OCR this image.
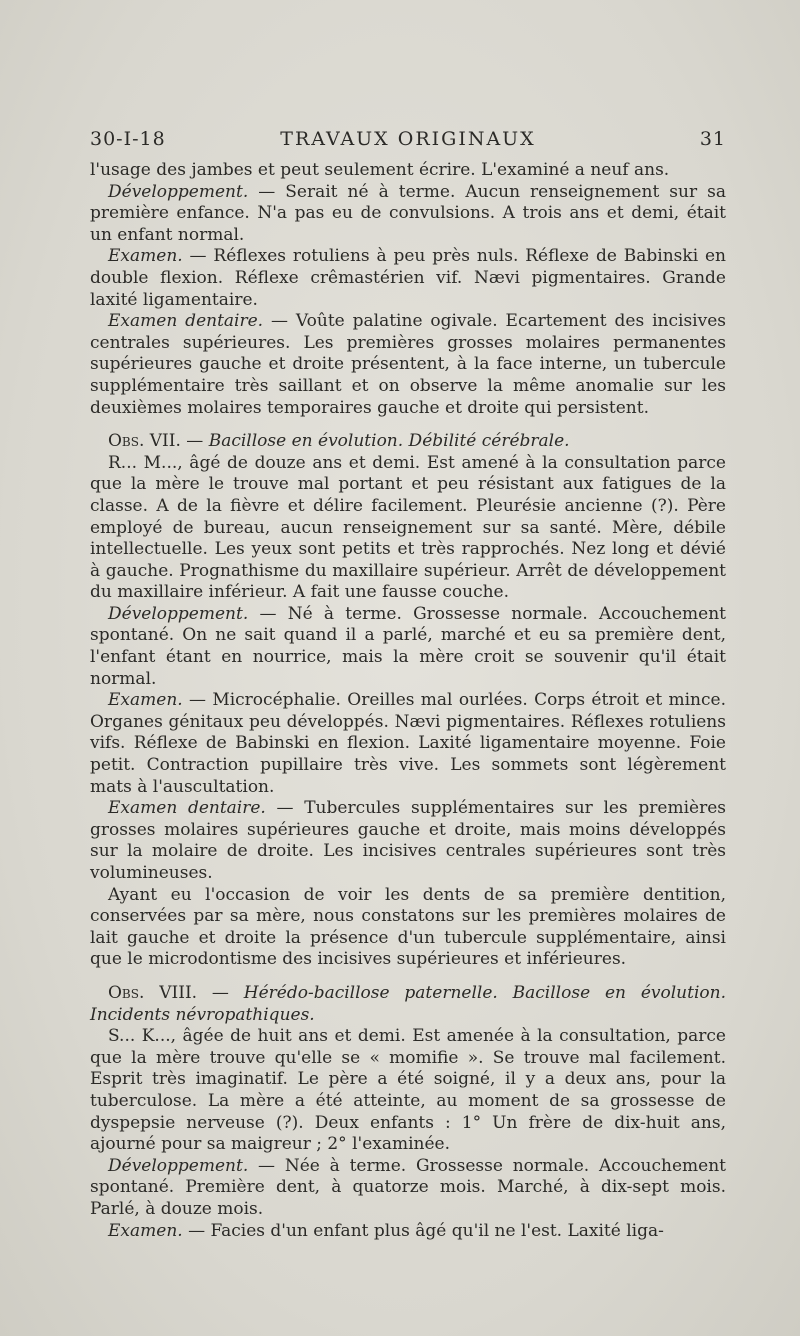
30-I-18	TRAVAUX ORIGINAUX	31

l'usage des jambes et peut seulement écrire. L'examiné a neuf ans.

Développement. — Serait né à terme. Aucun renseignement sur sa première enfance. N'a pas eu de convulsions. A trois ans et demi, était un enfant normal.

Examen. — Réflexes rotuliens à peu près nuls. Réflexe de Babinski en double flexion. Réflexe crêmastérien vif. Nævi pigmentaires. Grande laxité ligamentaire.

Examen dentaire. — Voûte palatine ogivale. Ecartement des incisives centrales supérieures. Les premières grosses molaires permanentes supérieures gauche et droite présentent, à la face interne, un tubercule supplémentaire très saillant et on observe la même anomalie sur les deuxièmes molaires temporaires gauche et droite qui persistent.

Obs. VII. — Bacillose en évolution. Débilité cérébrale.

R... M..., âgé de douze ans et demi. Est amené à la consultation parce que la mère le trouve mal portant et peu résistant aux fatigues de la classe. A de la fièvre et délire facilement. Pleurésie ancienne (?). Père employé de bureau, aucun renseignement sur sa santé. Mère, débile intellectuelle. Les yeux sont petits et très rapprochés. Nez long et dévié à gauche. Prognathisme du maxillaire supérieur. Arrêt de développement du maxillaire inférieur. A fait une fausse couche.

Développement. — Né à terme. Grossesse normale. Accouchement spontané. On ne sait quand il a parlé, marché et eu sa première dent, l'enfant étant en nourrice, mais la mère croit se souvenir qu'il était normal.

Examen. — Microcéphalie. Oreilles mal ourlées. Corps étroit et mince. Organes génitaux peu développés. Nævi pigmentaires. Réflexes rotuliens vifs. Réflexe de Babinski en flexion. Laxité ligamentaire moyenne. Foie petit. Contraction pupillaire très vive. Les sommets sont légèrement mats à l'auscultation.

Examen dentaire. — Tubercules supplémentaires sur les premières grosses molaires supérieures gauche et droite, mais moins développés sur la molaire de droite. Les incisives centrales supérieures sont très volumineuses.

Ayant eu l'occasion de voir les dents de sa première dentition, conservées par sa mère, nous constatons sur les premières molaires de lait gauche et droite la présence d'un tubercule supplémentaire, ainsi que le microdontisme des incisives supérieures et inférieures.

Obs. VIII. — Hérédo-bacillose paternelle. Bacillose en évolution. Incidents névropathiques.

S... K..., âgée de huit ans et demi. Est amenée à la consultation, parce que la mère trouve qu'elle se « momifie ». Se trouve mal facilement. Esprit très imaginatif. Le père a été soigné, il y a deux ans, pour la tuberculose. La mère a été atteinte, au moment de sa grossesse de dyspepsie nerveuse (?). Deux enfants : 1° Un frère de dix-huit ans, ajourné pour sa maigreur ; 2° l'examinée.

Développement. — Née à terme. Grossesse normale. Accouchement spontané. Première dent, à quatorze mois. Marché, à dix-sept mois. Parlé, à douze mois.

Examen. — Facies d'un enfant plus âgé qu'il ne l'est. Laxité liga-
